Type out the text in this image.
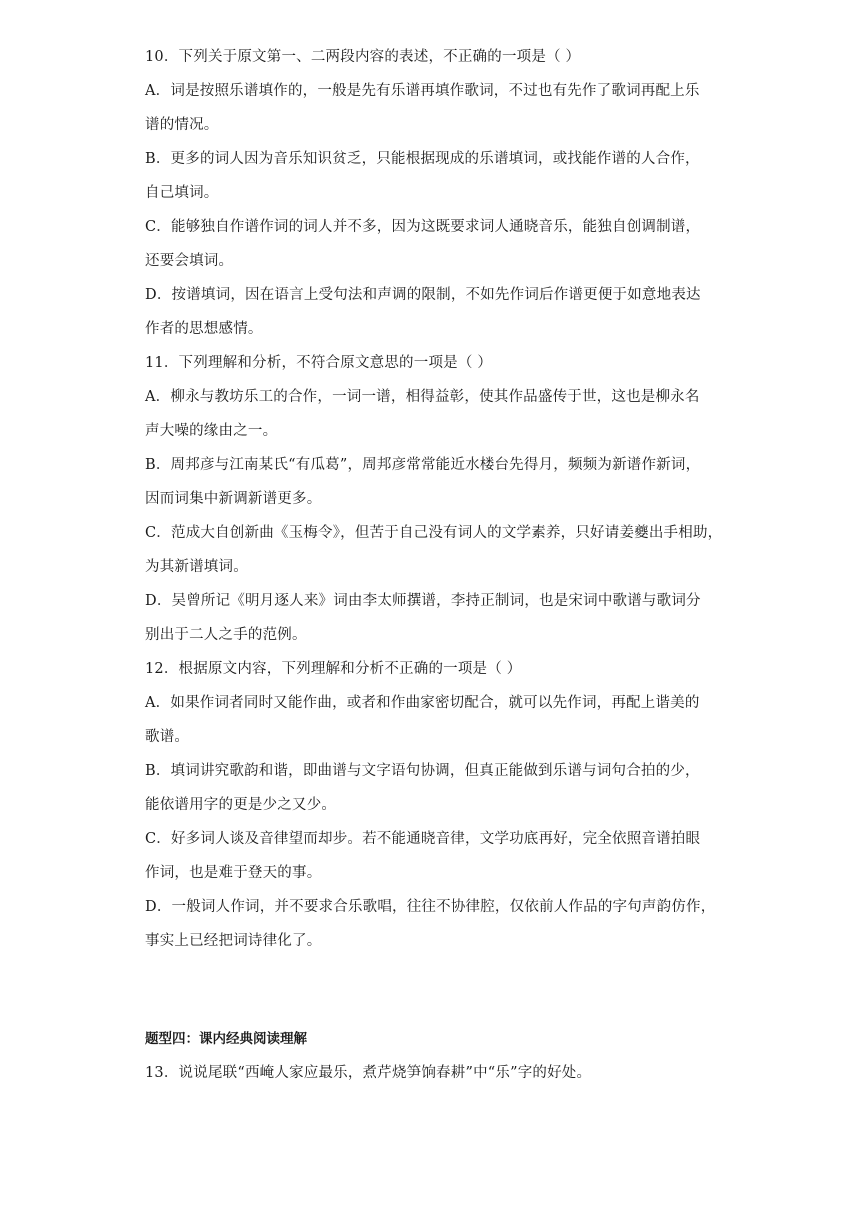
10．下列关于原文第一、二两段内容的表述，不正确的一项是（ ）
A．词是按照乐谱填作的，一般是先有乐谱再填作歌词，不过也有先作了歌词再配上乐
谱的情况。
B．更多的词人因为音乐知识贫乏，只能根据现成的乐谱填词，或找能作谱的人合作，
自己填词。
C．能够独自作谱作词的词人并不多，因为这既要求词人通晓音乐，能独自创调制谱，
还要会填词。
D．按谱填词，因在语言上受句法和声调的限制，不如先作词后作谱更便于如意地表达
作者的思想感情。
11．下列理解和分析，不符合原文意思的一项是（ ）
A．柳永与教坊乐工的合作，一词一谱，相得益彰，使其作品盛传于世，这也是柳永名
声大噪的缘由之一。
B．周邦彦与江南某氏“有瓜葛”，周邦彦常常能近水楼台先得月，频频为新谱作新词，
因而词集中新调新谱更多。
C．范成大自创新曲《玉梅令》，但苦于自己没有词人的文学素养，只好请姜夔出手相助，
为其新谱填词。
D．吴曾所记《明月逐人来》词由李太师撰谱，李持正制词，也是宋词中歌谱与歌词分
别出于二人之手的范例。
12．根据原文内容，下列理解和分析不正确的一项是（ ）
A．如果作词者同时又能作曲，或者和作曲家密切配合，就可以先作词，再配上谐美的
歌谱。
B．填词讲究歌韵和谐，即曲谱与文字语句协调，但真正能做到乐谱与词句合拍的少，
能依谱用字的更是少之又少。
C．好多词人谈及音律望而却步。若不能通晓音律，文学功底再好，完全依照音谱拍眼
作词，也是难于登天的事。
D．一般词人作词，并不要求合乐歌唱，往往不协律腔，仅依前人作品的字句声韵仿作，
事实上已经把词诗律化了。
题型四：课内经典阅读理解
13．说说尾联“西崦人家应最乐，煮芹烧笋饷春耕”中“乐”字的好处。
